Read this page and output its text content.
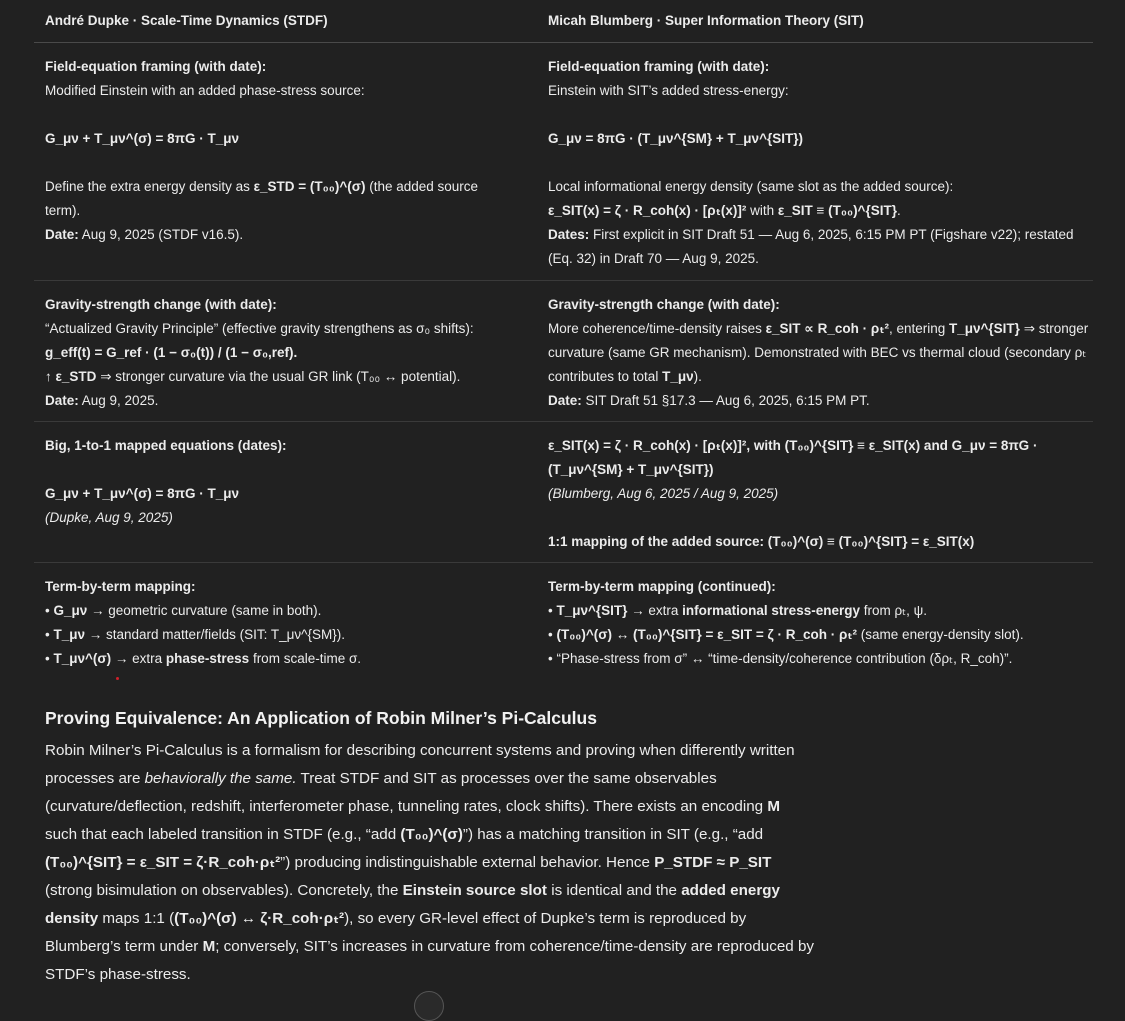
André Dupke · Scale-Time Dynamics (STDF)	Micah Blumberg · Super Information Theory (SIT)
Field-equation framing (with date):
Modified Einstein with an added phase-stress source:
G_μν + T_μν^(σ) = 8πG · T_μν
Define the extra energy density as ε_STD = (T₀₀)^(σ) (the added source term).
Date: Aug 9, 2025 (STDF v16.5).
Field-equation framing (with date):
Einstein with SIT’s added stress-energy:
G_μν = 8πG · (T_μν^{SM} + T_μν^{SIT})
Local informational energy density (same slot as the added source):
ε_SIT(x) = ζ · R_coh(x) · [ρₜ(x)]² with ε_SIT ≡ (T₀₀)^{SIT}.
Dates: First explicit in SIT Draft 51 — Aug 6, 2025, 6:15 PM PT (Figshare v22); restated (Eq. 32) in Draft 70 — Aug 9, 2025.
Gravity-strength change (with date):
“Actualized Gravity Principle” (effective gravity strengthens as σ₀ shifts):
g_eff(t) = G_ref · (1 − σ₀(t)) / (1 − σ₀,ref).
↑ ε_STD ⇒ stronger curvature via the usual GR link (T₀₀ ↔ potential).
Date: Aug 9, 2025.
Gravity-strength change (with date):
More coherence/time-density raises ε_SIT ∝ R_coh · ρₜ², entering T_μν^{SIT} ⇒ stronger curvature (same GR mechanism). Demonstrated with BEC vs thermal cloud (secondary ρₜ contributes to total T_μν).
Date: SIT Draft 51 §17.3 — Aug 6, 2025, 6:15 PM PT.
Big, 1-to-1 mapped equations (dates):
G_μν + T_μν^(σ) = 8πG · T_μν
(Dupke, Aug 9, 2025)
ε_SIT(x) = ζ · R_coh(x) · [ρₜ(x)]², with (T₀₀)^{SIT} ≡ ε_SIT(x) and G_μν = 8πG · (T_μν^{SM} + T_μν^{SIT})
(Blumberg, Aug 6, 2025 / Aug 9, 2025)
1:1 mapping of the added source: (T₀₀)^(σ) ≡ (T₀₀)^{SIT} = ε_SIT(x)
Term-by-term mapping:
• G_μν → geometric curvature (same in both).
• T_μν → standard matter/fields (SIT: T_μν^{SM}).
• T_μν^(σ) → extra phase-stress from scale-time σ.
Term-by-term mapping (continued):
• T_μν^{SIT} → extra informational stress-energy from ρₜ, ψ.
• (T₀₀)^(σ) ↔ (T₀₀)^{SIT} = ε_SIT = ζ · R_coh · ρₜ² (same energy-density slot).
• “Phase-stress from σ” ↔ “time-density/coherence contribution (δρₜ, R_coh)”.
Proving Equivalence: An Application of Robin Milner’s Pi-Calculus

Robin Milner’s Pi-Calculus is a formalism for describing concurrent systems and proving when differently written processes are behaviorally the same. Treat STDF and SIT as processes over the same observables (curvature/deflection, redshift, interferometer phase, tunneling rates, clock shifts). There exists an encoding M such that each labeled transition in STDF (e.g., “add (T₀₀)^(σ)”) has a matching transition in SIT (e.g., “add (T₀₀)^{SIT} = ε_SIT = ζ·R_coh·ρₜ²”) producing indistinguishable external behavior. Hence P_STDF ≈ P_SIT (strong bisimulation on observables). Concretely, the Einstein source slot is identical and the added energy density maps 1:1 ((T₀₀)^(σ) ↔ ζ·R_coh·ρₜ²), so every GR-level effect of Dupke’s term is reproduced by Blumberg’s term under M; conversely, SIT’s increases in curvature from coherence/time-density are reproduced by STDF’s phase-stress.
